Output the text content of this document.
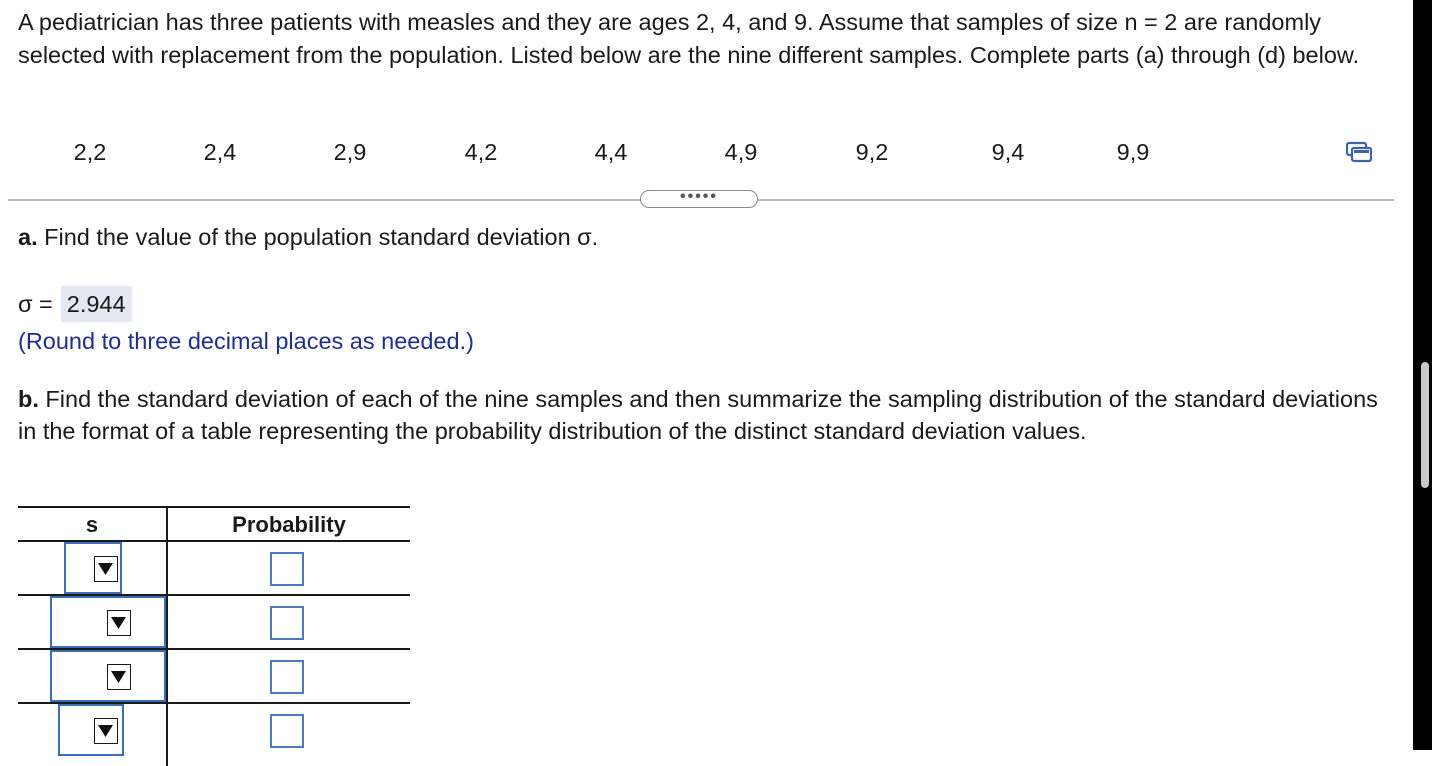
A pediatrician has three patients with measles and they are ages 2, 4, and 9. Assume that samples of size n = 2 are randomly selected with replacement from the population. Listed below are the nine different samples. Complete parts (a) through (d) below.
2,2	2,4	2,9	4,2	4,4	4,9	9,2	9,4	9,9
•••••
a. Find the value of the population standard deviation σ.
σ = 2.944
(Round to three decimal places as needed.)
b. Find the standard deviation of each of the nine samples and then summarize the sampling distribution of the standard deviations in the format of a table representing the probability distribution of the distinct standard deviation values.
s	Probability
